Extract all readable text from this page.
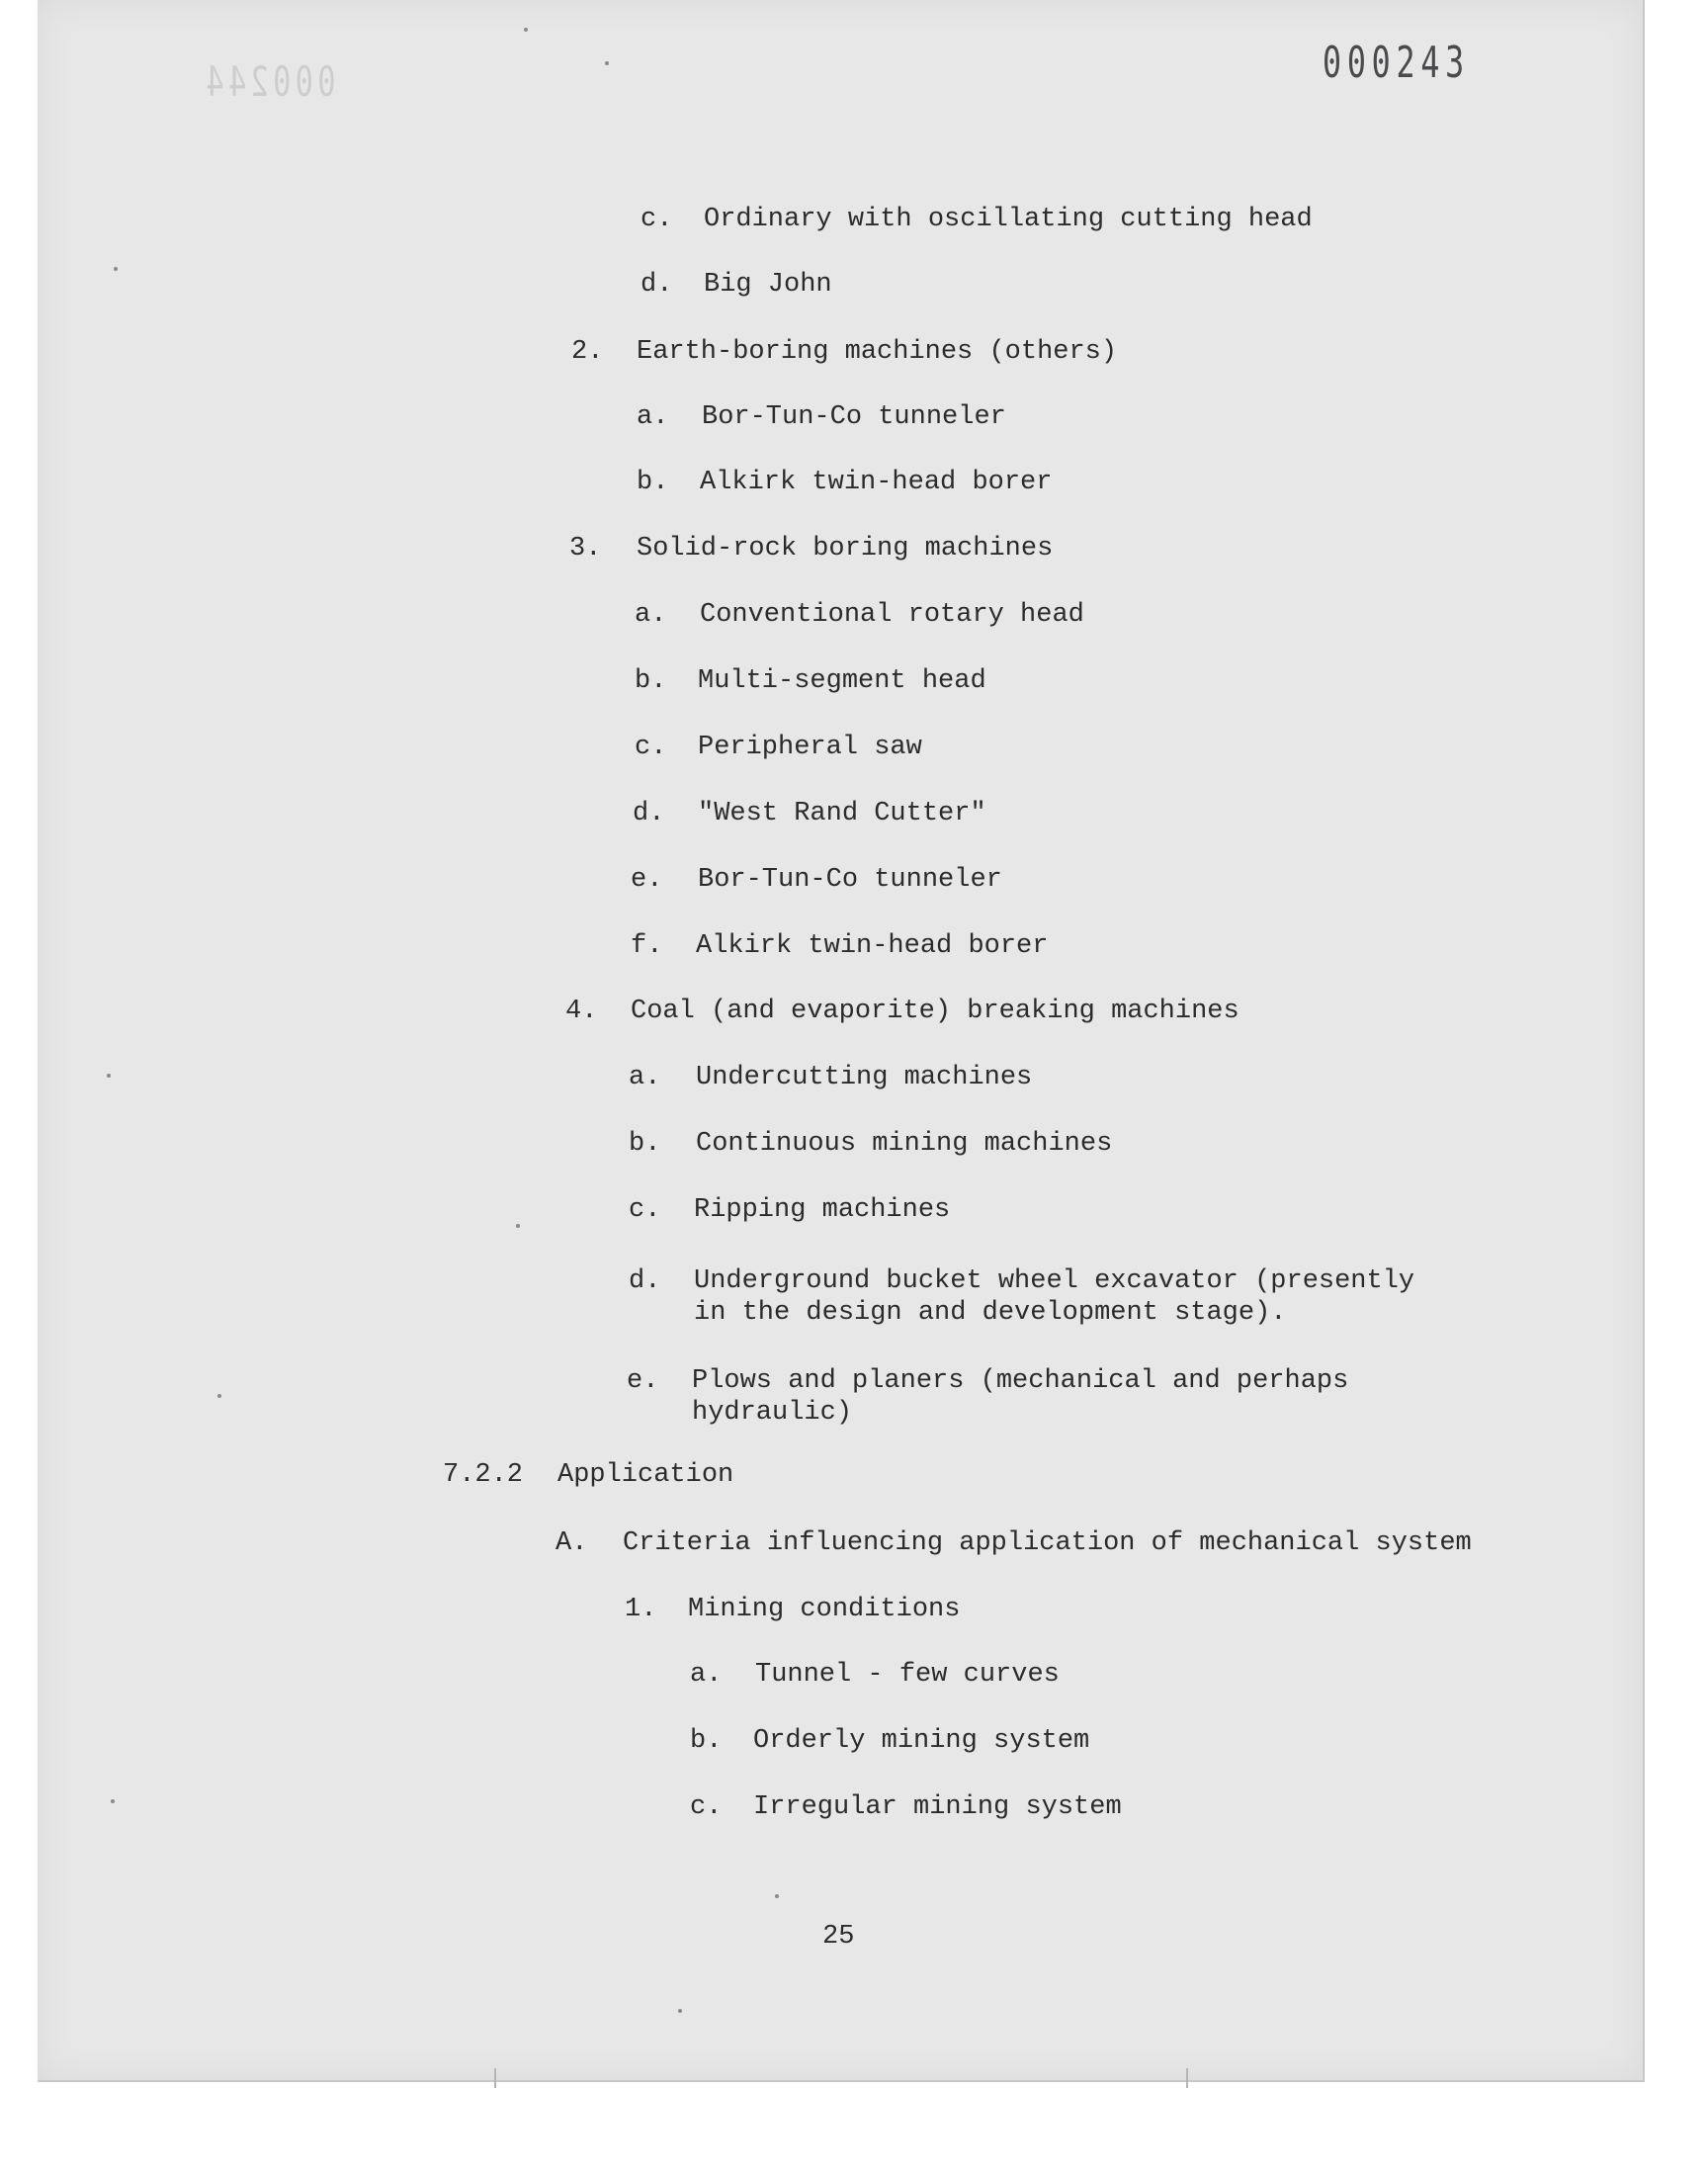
000244	000243
c. Ordinary with oscillating cutting head
d. Big John
2. Earth-boring machines (others)
a. Bor-Tun-Co tunneler
b. Alkirk twin-head borer
3. Solid-rock boring machines
a. Conventional rotary head
b. Multi-segment head
c. Peripheral saw
d. "West Rand Cutter"
e. Bor-Tun-Co tunneler
f. Alkirk twin-head borer
4. Coal (and evaporite) breaking machines
a. Undercutting machines
b. Continuous mining machines
c. Ripping machines
d. Underground bucket wheel excavator (presently
in the design and development stage).
e. Plows and planers (mechanical and perhaps
hydraulic)
7.2.2 Application
A. Criteria influencing application of mechanical system
1. Mining conditions
a. Tunnel - few curves
b. Orderly mining system
c. Irregular mining system
25
